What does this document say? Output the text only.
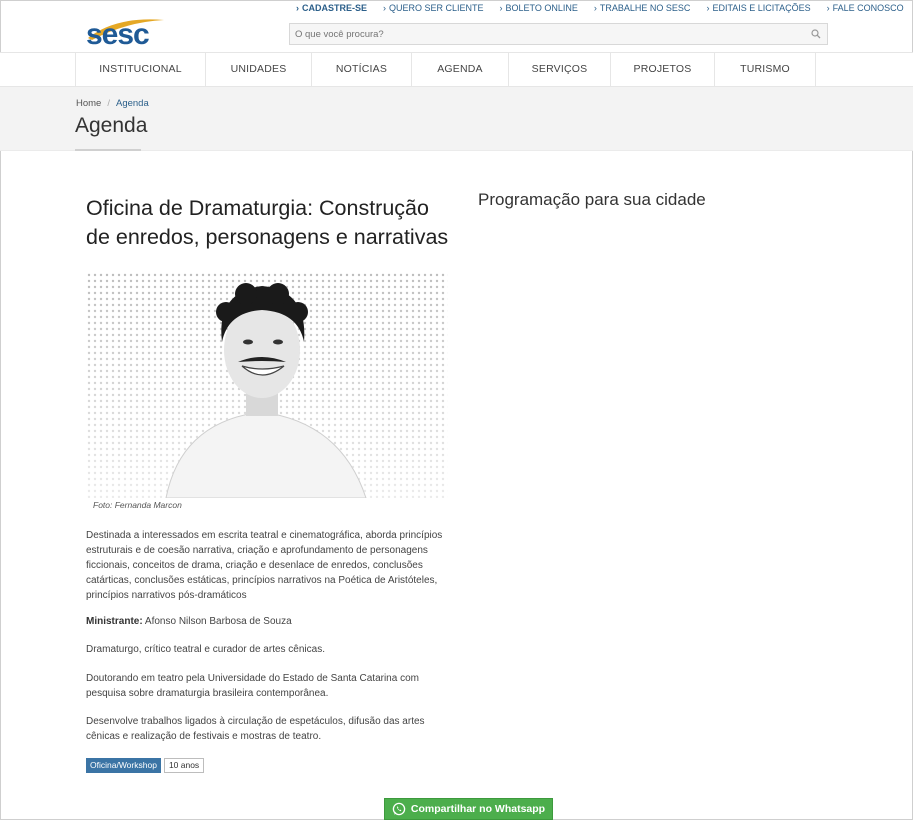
sesc
› CADASTRE-SE › QUERO SER CLIENTE › BOLETO ONLINE › TRABALHE NO SESC › EDITAIS E LICITAÇÕES › FALE CONOSCO
O que você procura?
INSTITUCIONAL	UNIDADES	NOTÍCIAS	AGENDA	SERVIÇOS	PROJETOS	TURISMO
Home / Agenda
Agenda
Oficina de Dramaturgia: Construção de enredos, personagens e narrativas
Foto: Fernanda Marcon

Destinada a interessados em escrita teatral e cinematográfica, aborda princípios estruturais e de coesão narrativa, criação e aprofundamento de personagens ficcionais, conceitos de drama, criação e desenlace de enredos, conclusões catárticas, conclusões estáticas, princípios narrativos na Poética de Aristóteles, princípios narrativos pós-dramáticos

Ministrante: Afonso Nilson Barbosa de Souza

Dramaturgo, crítico teatral e curador de artes cênicas.

Doutorando em teatro pela Universidade do Estado de Santa Catarina com pesquisa sobre dramaturgia brasileira contemporânea.

Desenvolve trabalhos ligados à circulação de espetáculos, difusão das artes cênicas e realização de festivais e mostras de teatro.

Oficina/Workshop	10 anos
Programação para sua cidade
Compartilhar no Whatsapp
